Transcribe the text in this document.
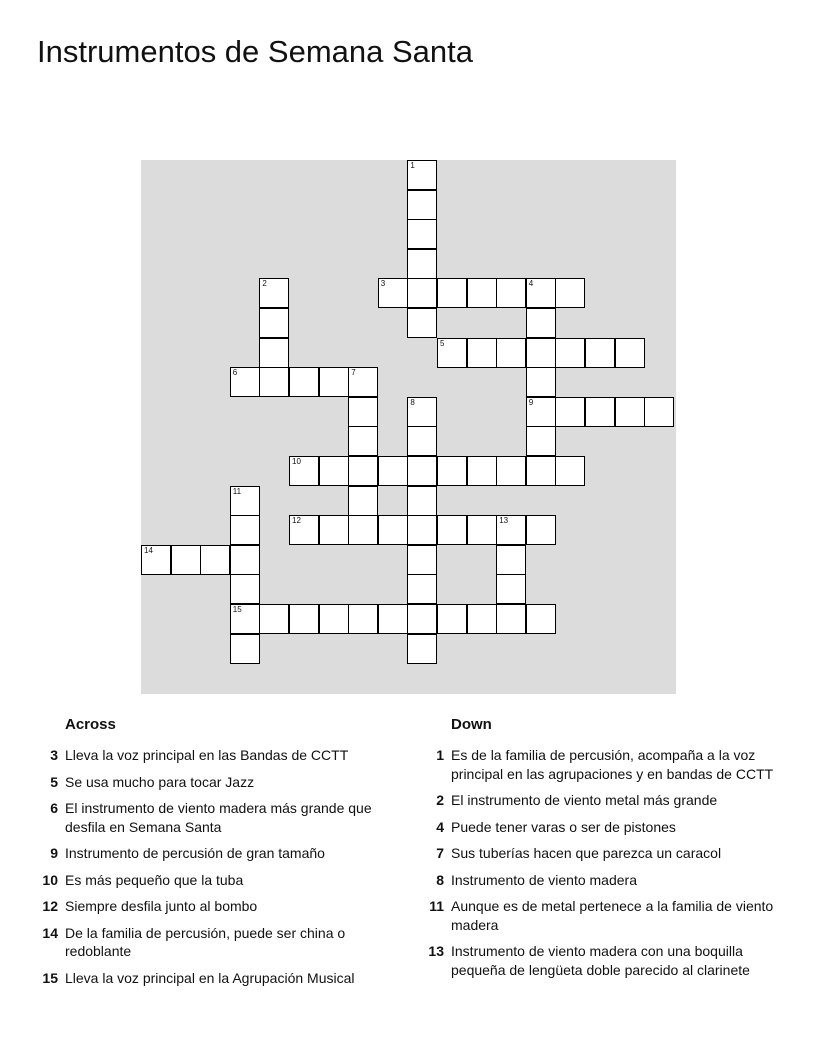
Instrumentos de Semana Santa
1
2	3	4
9
5
6	7
8
10
11
15
12	13
14
Across
3 Lleva la voz principal en las Bandas de CCTT
5 Se usa mucho para tocar Jazz
6 El instrumento de viento madera más grande que desfila en Semana Santa
9 Instrumento de percusión de gran tamaño
10 Es más pequeño que la tuba
12 Siempre desfila junto al bombo
14 De la familia de percusión, puede ser china o redoblante
15 Lleva la voz principal en la Agrupación Musical
Down
1 Es de la familia de percusión, acompaña a la voz principal en las agrupaciones y en bandas de CCTT
2 El instrumento de viento metal más grande
4 Puede tener varas o ser de pistones
7 Sus tuberías hacen que parezca un caracol
8 Instrumento de viento madera
11 Aunque es de metal pertenece a la familia de viento madera
13 Instrumento de viento madera con una boquilla pequeña de lengüeta doble parecido al clarinete
